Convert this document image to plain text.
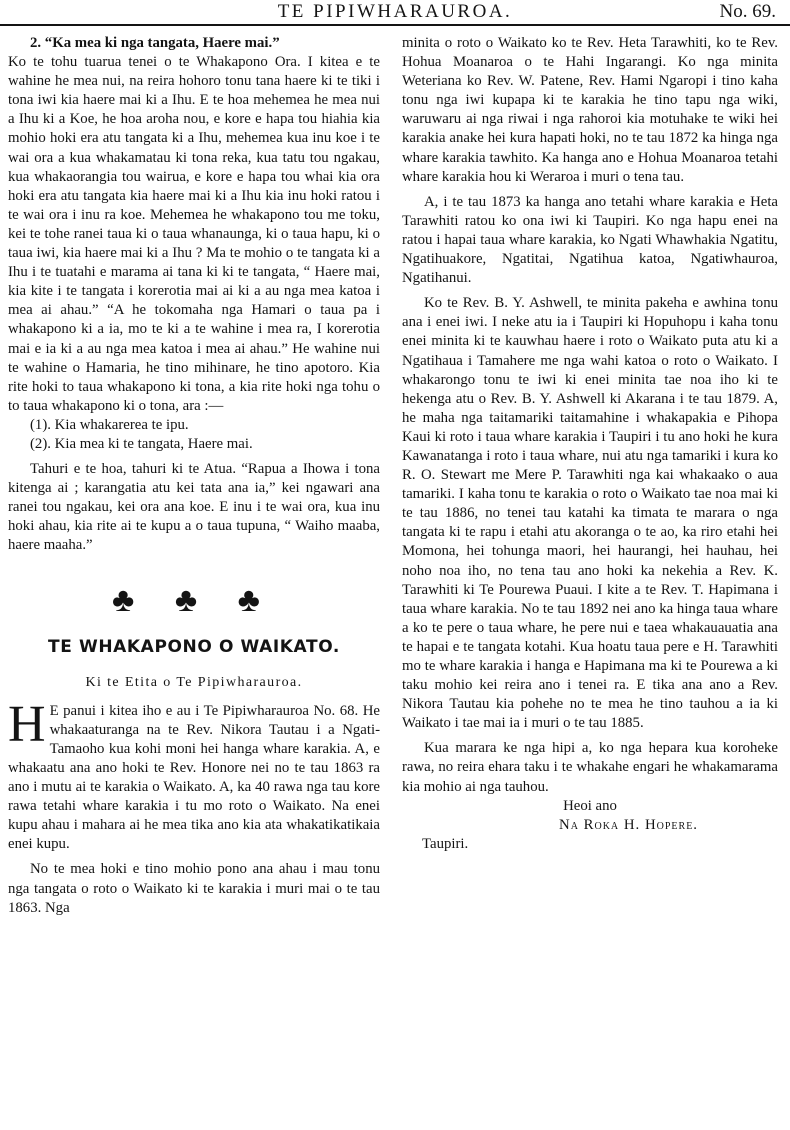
TE PIPIWHARAUROA.	No. 69.

2. “Ka mea ki nga tangata, Haere mai.”

Ko te tohu tuarua tenei o te Whakapono Ora. I kitea e te wahine he mea nui, na reira hohoro tonu tana haere ki te tiki i tona iwi kia haere mai ki a Ihu. E te hoa mehemea he mea nui a Ihu ki a Koe, he hoa aroha nou, e kore e hapa tou hiahia kia mohio hoki era atu tangata ki a Ihu, mehemea kua inu koe i te wai ora a kua whakamatau ki tona reka, kua tatu tou ngakau, kua whakaorangia tou wairua, e kore e hapa tou whai kia ora hoki era atu tangata kia haere mai ki a Ihu kia inu hoki ratou i te wai ora i inu ra koe. Mehemea he whakapono tou me toku, kei te tohe ranei taua ki o taua whanaunga, ki o taua hapu, ki o taua iwi, kia haere mai ki a Ihu ? Ma te mohio o te tangata ki a Ihu i te tuatahi e marama ai tana ki ki te tangata, “ Haere mai, kia kite i te tangata i korerotia mai ai ki a au nga mea katoa i mea ai ahau.” “A he tokomaha nga Hamari o taua pa i whakapono ki a ia, mo te ki a te wahine i mea ra, I korerotia mai e ia ki a au nga mea katoa i mea ai ahau.” He wahine nui te wahine o Hamaria, he tino mihinare, he tino apotoro. Kia rite hoki to taua whakapono ki tona, a kia rite hoki nga tohu o to taua whakapono ki o tona, ara :—

(1). Kia whakarerea te ipu.

(2). Kia mea ki te tangata, Haere mai.

Tahuri e te hoa, tahuri ki te Atua. “Rapua a Ihowa i tona kitenga ai ; karangatia atu kei tata ana ia,” kei ngawari ana ranei tou ngakau, kei ora ana koe. E inu i te wai ora, kua inu hoki ahau, kia rite ai te kupu a o taua tupuna, “ Waiho maaba, haere maaha.”

♣ ♣ ♣
TE WHAKAPONO O WAIKATO.
Ki te Etita o Te Pipiwharauroa.

H E panui i kitea iho e au i Te Pipiwharauroa No. 68. He whakaaturanga na te Rev. Nikora Tautau i a Ngati-Tamaoho kua kohi moni hei hanga whare karakia. A, e whakaatu ana ano hoki te Rev. Honore nei no te tau 1863 ra ano i mutu ai te karakia o Waikato. A, ka 40 rawa nga tau kore rawa tetahi whare karakia i tu mo roto o Waikato. Na enei kupu ahau i mahara ai he mea tika ano kia ata whakatikatikaia enei kupu.

No te mea hoki e tino mohio pono ana ahau i mau tonu nga tangata o roto o Waikato ki te karakia i muri mai o te tau 1863. Nga

minita o roto o Waikato ko te Rev. Heta Tarawhiti, ko te Rev. Hohua Moanaroa o te Hahi Ingarangi. Ko nga minita Weteriana ko Rev. W. Patene, Rev. Hami Ngaropi i tino kaha tonu nga iwi kupapa ki te karakia he tino tapu nga wiki, waruwaru ai nga riwai i nga rahoroi kia motuhake te wiki hei karakia anake hei kura hapati hoki, no te tau 1872 ka hinga nga whare karakia tawhito. Ka hanga ano e Hohua Moanaroa tetahi whare karakia hou ki Weraroa i muri o tena tau.

A, i te tau 1873 ka hanga ano tetahi whare karakia e Heta Tarawhiti ratou ko ona iwi ki Taupiri. Ko nga hapu enei na ratou i hapai taua whare karakia, ko Ngati Whawhakia Ngatitu, Ngatihuakore, Ngatitai, Ngatihua katoa, Ngatiwhauroa, Ngatihanui.

Ko te Rev. B. Y. Ashwell, te minita pakeha e awhina tonu ana i enei iwi. I neke atu ia i Taupiri ki Hopuhopu i kaha tonu enei minita ki te kauwhau haere i roto o Waikato puta atu ki a Ngatihaua i Tamahere me nga wahi katoa o roto o Waikato. I whakarongo tonu te iwi ki enei minita tae noa iho ki te hekenga atu o Rev. B. Y. Ashwell ki Akarana i te tau 1879. A, he maha nga taitamariki taitamahine i whakapakia e Pihopa Kaui ki roto i taua whare karakia i Taupiri i tu ano hoki he kura Kawanatanga i roto i taua whare, nui atu nga tamariki i kura ko R. O. Stewart me Mere P. Tarawhiti nga kai whakaako o aua tamariki. I kaha tonu te karakia o roto o Waikato tae noa mai ki te tau 1886, no tenei tau katahi ka timata te marara o nga tangata ki te rapu i etahi atu akoranga o te ao, ka riro etahi hei Momona, hei tohunga maori, hei haurangi, hei hauhau, hei noho noa iho, no tena tau ano hoki ka nekehia a Rev. K. Tarawhiti ki Te Pourewa Puaui. I kite a te Rev. T. Hapimana i taua whare karakia. No te tau 1892 nei ano ka hinga taua whare a ko te pere o taua whare, he pere nui e taea whakauauatia ana te hapai e te tangata kotahi. Kua hoatu taua pere e H. Tarawhiti mo te whare karakia i hanga e Hapimana ma ki te Pourewa a ki taku mohio kei reira ano i tenei ra. E tika ana ano a Rev. Nikora Tautau kia pohehe no te mea he tino tauhou a ia ki Waikato i tae mai ia i muri o te tau 1885.

Kua marara ke nga hipi a, ko nga hepara kua koroheke rawa, no reira ehara taku i te whakahe engari he whakamarama kia mohio ai nga tauhou.

Heoi ano

Na Roka H. Hopere.

Taupiri.
